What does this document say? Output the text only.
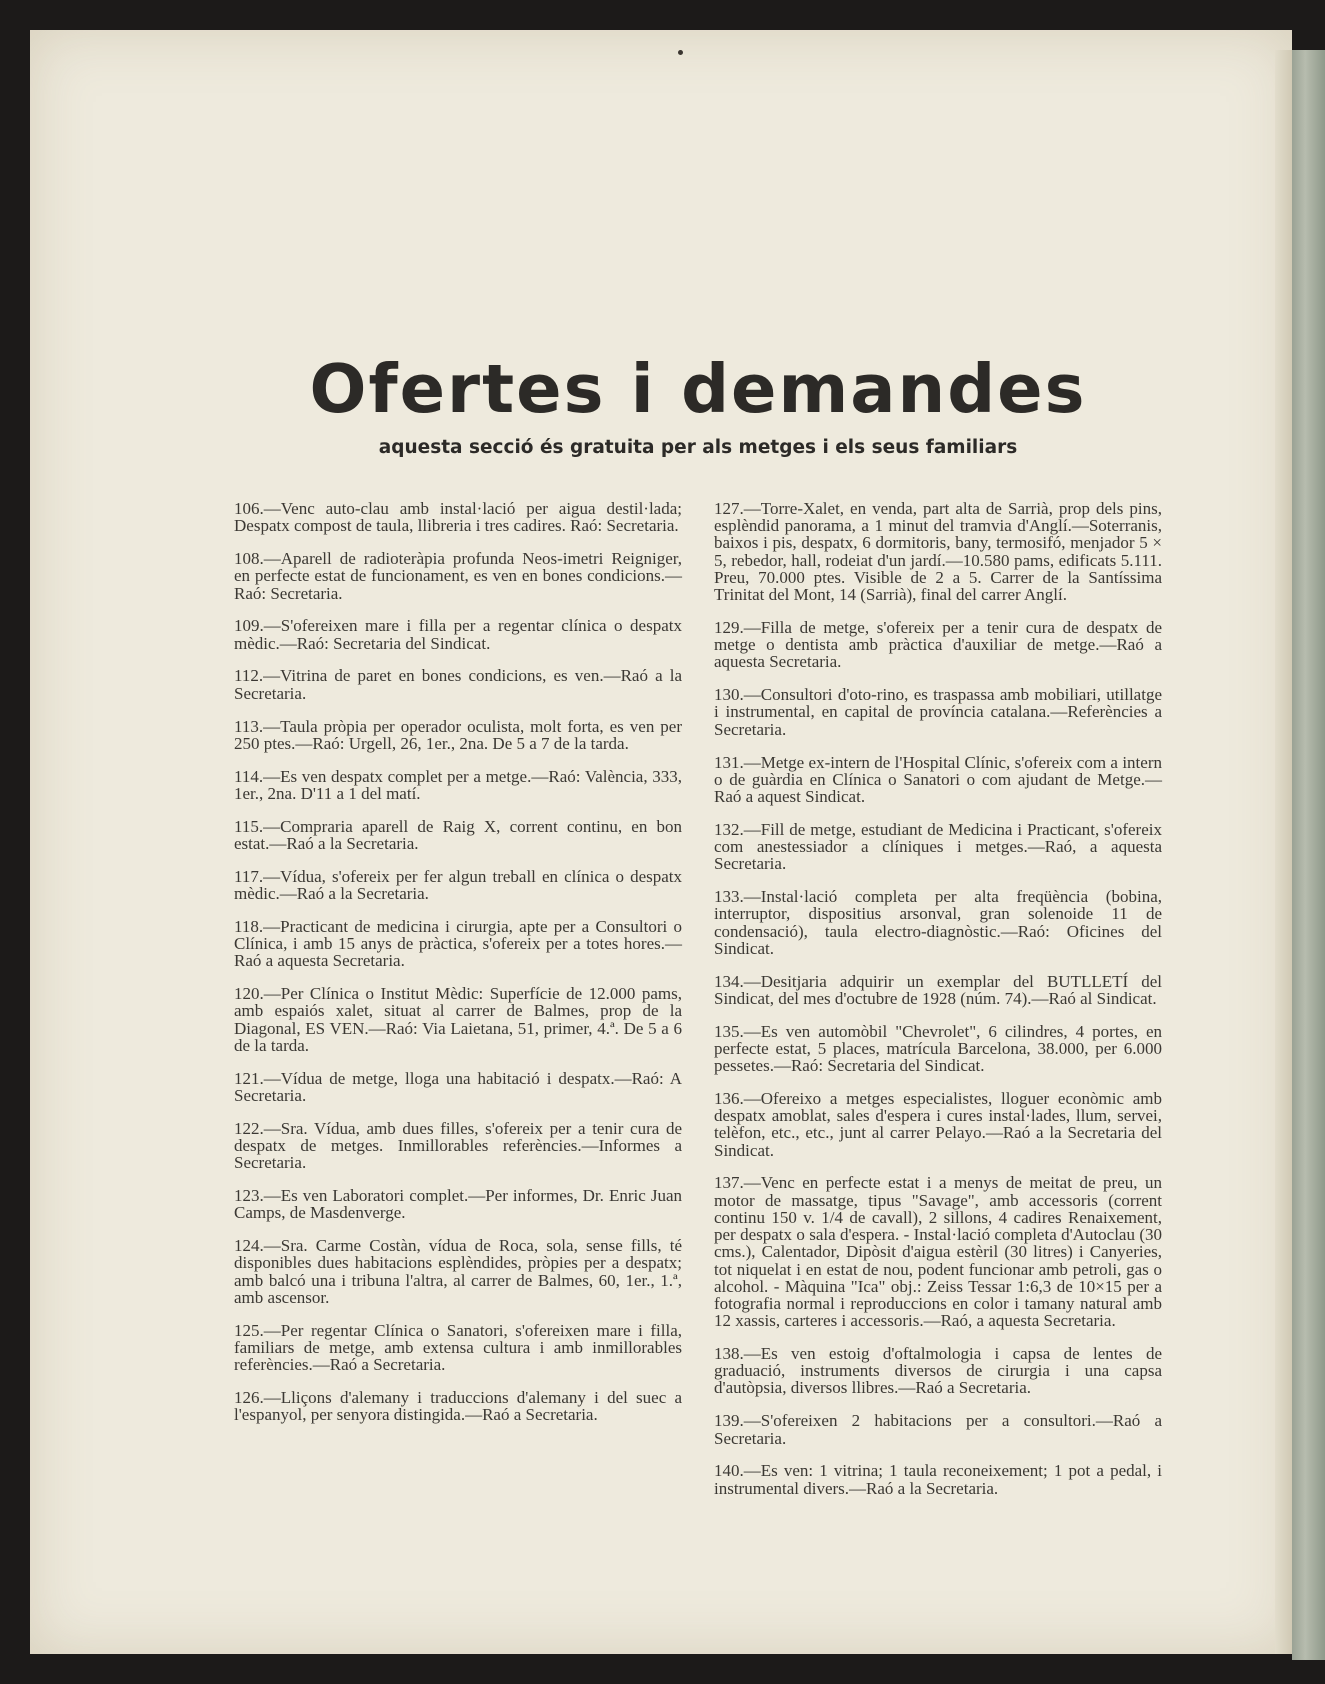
Ofertes i demandes
aquesta secció és gratuita per als metges i els seus familiars

106.—Venc auto-clau amb instal·lació per aigua destil·lada; Despatx compost de taula, llibreria i tres cadires. Raó: Secretaria.

108.—Aparell de radioteràpia profunda Neos-imetri Reigniger, en perfecte estat de funcionament, es ven en bones condicions.—Raó: Secretaria.

109.—S'ofereixen mare i filla per a regentar clínica o despatx mèdic.—Raó: Secretaria del Sindicat.

112.—Vitrina de paret en bones condicions, es ven.—Raó a la Secretaria.

113.—Taula pròpia per operador oculista, molt forta, es ven per 250 ptes.—Raó: Urgell, 26, 1er., 2na. De 5 a 7 de la tarda.

114.—Es ven despatx complet per a metge.—Raó: València, 333, 1er., 2na. D'11 a 1 del matí.

115.—Compraria aparell de Raig X, corrent continu, en bon estat.—Raó a la Secretaria.

117.—Vídua, s'ofereix per fer algun treball en clínica o despatx mèdic.—Raó a la Secretaria.

118.—Practicant de medicina i cirurgia, apte per a Consultori o Clínica, i amb 15 anys de pràctica, s'ofereix per a totes hores.—Raó a aquesta Secretaria.

120.—Per Clínica o Institut Mèdic: Superfície de 12.000 pams, amb espaiós xalet, situat al carrer de Balmes, prop de la Diagonal, ES VEN.—Raó: Via Laietana, 51, primer, 4.ª. De 5 a 6 de la tarda.

121.—Vídua de metge, lloga una habitació i despatx.—Raó: A Secretaria.

122.—Sra. Vídua, amb dues filles, s'ofereix per a tenir cura de despatx de metges. Inmillorables referències.—Informes a Secretaria.

123.—Es ven Laboratori complet.—Per informes, Dr. Enric Juan Camps, de Masdenverge.

124.—Sra. Carme Costàn, vídua de Roca, sola, sense fills, té disponibles dues habitacions esplèndides, pròpies per a despatx; amb balcó una i tribuna l'altra, al carrer de Balmes, 60, 1er., 1.ª, amb ascensor.

125.—Per regentar Clínica o Sanatori, s'ofereixen mare i filla, familiars de metge, amb extensa cultura i amb inmillorables referències.—Raó a Secretaria.

126.—Lliçons d'alemany i traduccions d'alemany i del suec a l'espanyol, per senyora distingida.—Raó a Secretaria.

127.—Torre-Xalet, en venda, part alta de Sarrià, prop dels pins, esplèndid panorama, a 1 minut del tramvia d'Anglí.—Soterranis, baixos i pis, despatx, 6 dormitoris, bany, termosifó, menjador 5 × 5, rebedor, hall, rodeiat d'un jardí.—10.580 pams, edificats 5.111. Preu, 70.000 ptes. Visible de 2 a 5. Carrer de la Santíssima Trinitat del Mont, 14 (Sarrià), final del carrer Anglí.

129.—Filla de metge, s'ofereix per a tenir cura de despatx de metge o dentista amb pràctica d'auxiliar de metge.—Raó a aquesta Secretaria.

130.—Consultori d'oto-rino, es traspassa amb mobiliari, utillatge i instrumental, en capital de província catalana.—Referències a Secretaria.

131.—Metge ex-intern de l'Hospital Clínic, s'ofereix com a intern o de guàrdia en Clínica o Sanatori o com ajudant de Metge.—Raó a aquest Sindicat.

132.—Fill de metge, estudiant de Medicina i Practicant, s'ofereix com anestessiador a clíniques i metges.—Raó, a aquesta Secretaria.

133.—Instal·lació completa per alta freqüència (bobina, interruptor, dispositius arsonval, gran solenoide 11 de condensació), taula electro-diagnòstic.—Raó: Oficines del Sindicat.

134.—Desitjaria adquirir un exemplar del BUTLLETÍ del Sindicat, del mes d'octubre de 1928 (núm. 74).—Raó al Sindicat.

135.—Es ven automòbil "Chevrolet", 6 cilindres, 4 portes, en perfecte estat, 5 places, matrícula Barcelona, 38.000, per 6.000 pessetes.—Raó: Secretaria del Sindicat.

136.—Ofereixo a metges especialistes, lloguer econòmic amb despatx amoblat, sales d'espera i cures instal·lades, llum, servei, telèfon, etc., etc., junt al carrer Pelayo.—Raó a la Secretaria del Sindicat.

137.—Venc en perfecte estat i a menys de meitat de preu, un motor de massatge, tipus "Savage", amb accessoris (corrent continu 150 v. 1/4 de cavall), 2 sillons, 4 cadires Renaixement, per despatx o sala d'espera. - Instal·lació completa d'Autoclau (30 cms.), Calentador, Dipòsit d'aigua estèril (30 litres) i Canyeries, tot niquelat i en estat de nou, podent funcionar amb petroli, gas o alcohol. - Màquina "Ica" obj.: Zeiss Tessar 1:6,3 de 10×15 per a fotografia normal i reproduccions en color i tamany natural amb 12 xassis, carteres i accessoris.—Raó, a aquesta Secretaria.

138.—Es ven estoig d'oftalmologia i capsa de lentes de graduació, instruments diversos de cirurgia i una capsa d'autòpsia, diversos llibres.—Raó a Secretaria.

139.—S'ofereixen 2 habitacions per a consultori.—Raó a Secretaria.

140.—Es ven: 1 vitrina; 1 taula reconeixement; 1 pot a pedal, i instrumental divers.—Raó a la Secretaria.
